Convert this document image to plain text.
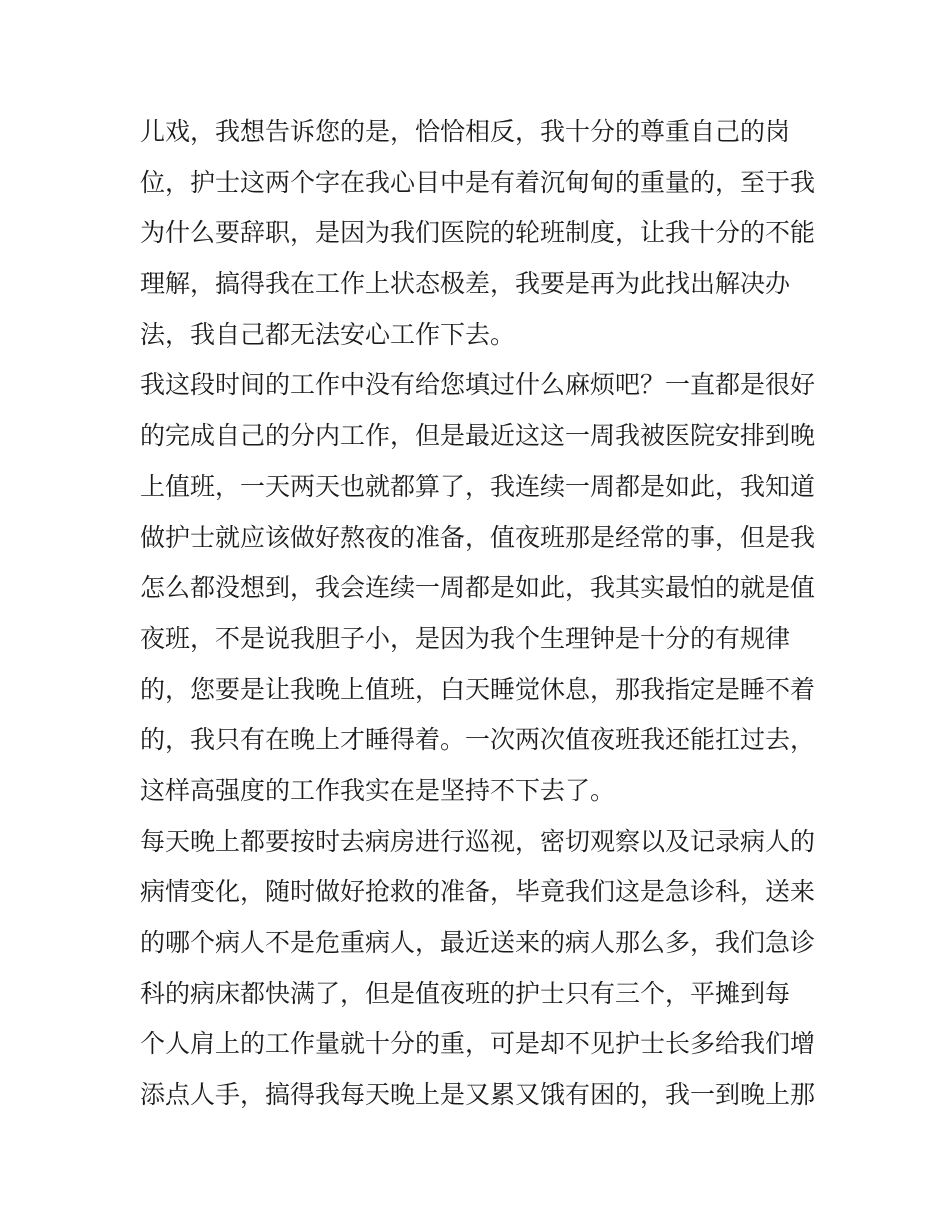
儿戏，我想告诉您的是，恰恰相反，我十分的尊重自己的岗
位，护士这两个字在我心目中是有着沉甸甸的重量的，至于我
为什么要辞职，是因为我们医院的轮班制度，让我十分的不能
理解，搞得我在工作上状态极差，我要是再为此找出解决办
法，我自己都无法安心工作下去。
我这段时间的工作中没有给您填过什么麻烦吧？一直都是很好
的完成自己的分内工作，但是最近这这一周我被医院安排到晚
上值班，一天两天也就都算了，我连续一周都是如此，我知道
做护士就应该做好熬夜的准备，值夜班那是经常的事，但是我
怎么都没想到，我会连续一周都是如此，我其实最怕的就是值
夜班，不是说我胆子小，是因为我个生理钟是十分的有规律
的，您要是让我晚上值班，白天睡觉休息，那我指定是睡不着
的，我只有在晚上才睡得着。一次两次值夜班我还能扛过去，
这样高强度的工作我实在是坚持不下去了。
每天晚上都要按时去病房进行巡视，密切观察以及记录病人的
病情变化，随时做好抢救的准备，毕竟我们这是急诊科，送来
的哪个病人不是危重病人，最近送来的病人那么多，我们急诊
科的病床都快满了，但是值夜班的护士只有三个，平摊到每
个人肩上的工作量就十分的重，可是却不见护士长多给我们增
添点人手，搞得我每天晚上是又累又饿有困的，我一到晚上那
